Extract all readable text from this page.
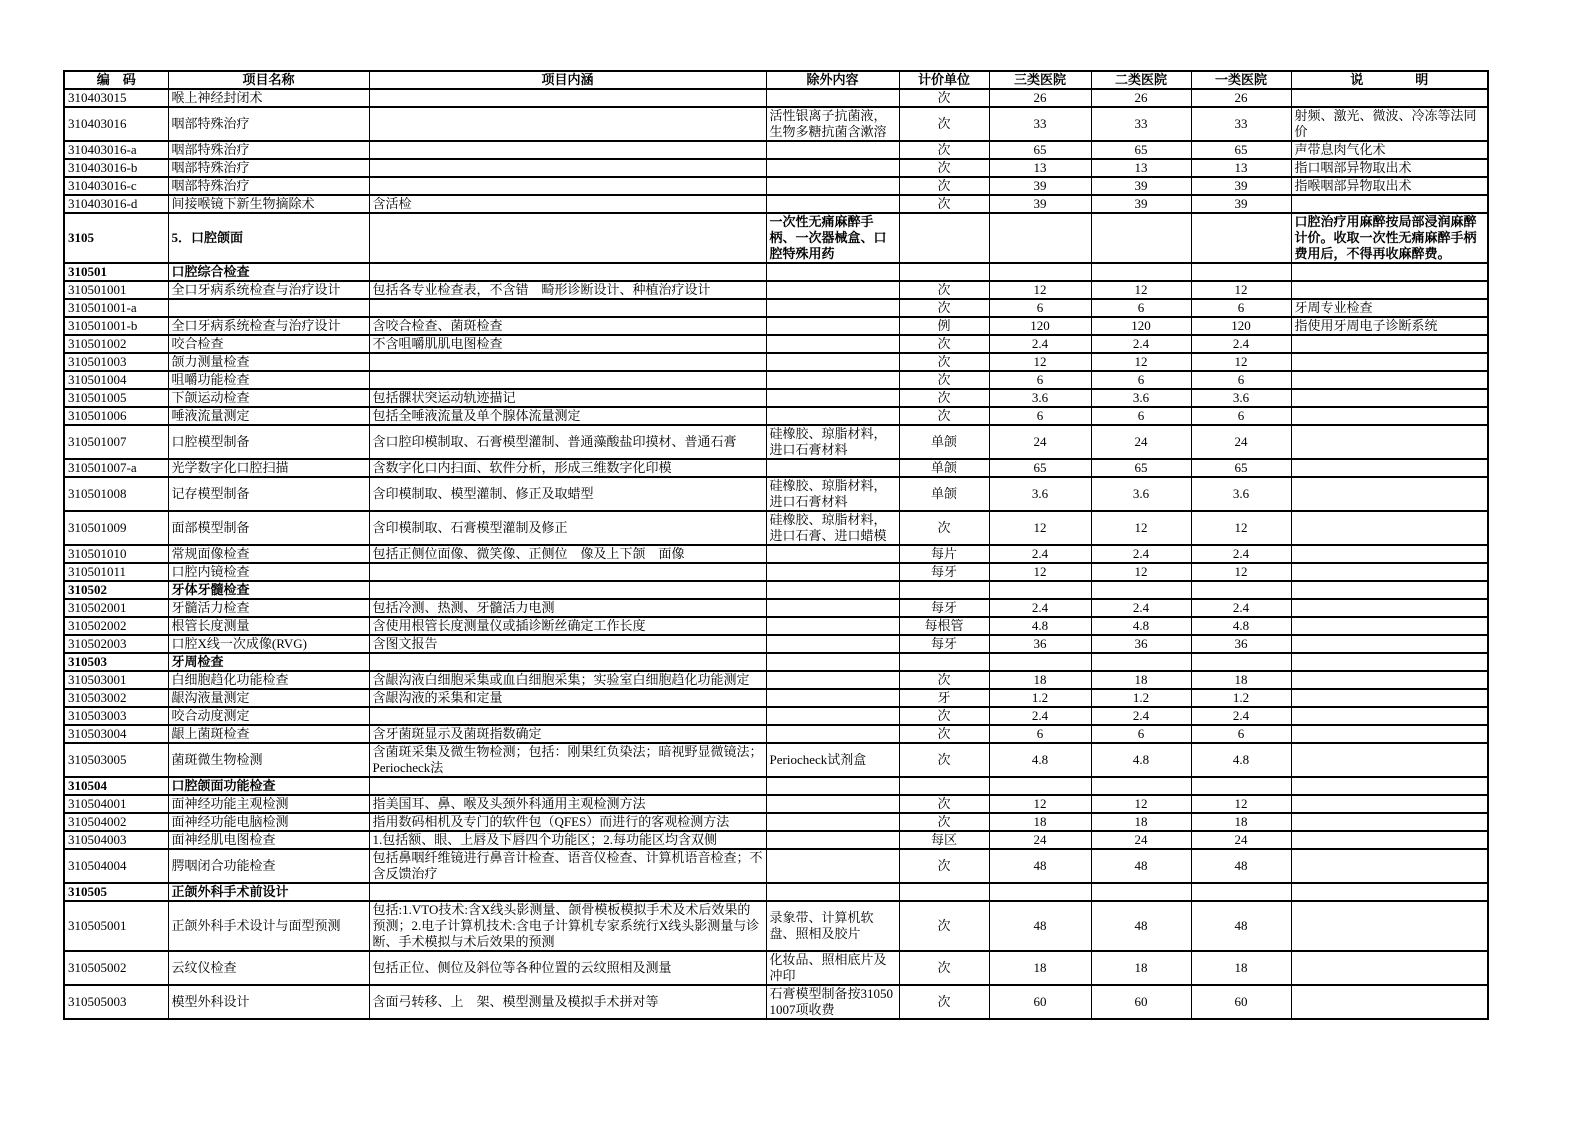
编　码	项目名称	项目内涵	除外内容	计价单位	三类医院	二类医院	一类医院	说　　　　明
310403015	喉上神经封闭术			次	26	26	26	
310403016	咽部特殊治疗		活性银离子抗菌液，生物多糖抗菌含漱溶	次	33	33	33	射频、激光、微波、冷冻等法同价
310403016-a	咽部特殊治疗			次	65	65	65	声带息肉气化术
310403016-b	咽部特殊治疗			次	13	13	13	指口咽部异物取出术
310403016-c	咽部特殊治疗			次	39	39	39	指喉咽部异物取出术
310403016-d	间接喉镜下新生物摘除术	含活检		次	39	39	39	
3105	5．口腔颌面		一次性无痛麻醉手柄、一次器械盒、口腔特殊用药					口腔治疗用麻醉按局部浸润麻醉计价。收取一次性无痛麻醉手柄费用后，不得再收麻醉费。
310501	口腔综合检查							
310501001	全口牙病系统检查与治疗设计	包括各专业检查表，不含错　畸形诊断设计、种植治疗设计		次	12	12	12	
310501001-a				次	6	6	6	牙周专业检查
310501001-b	全口牙病系统检查与治疗设计	含咬合检查、菌斑检查		例	120	120	120	指使用牙周电子诊断系统
310501002	咬合检查	不含咀嚼肌肌电图检查		次	2.4	2.4	2.4	
310501003	颌力测量检查			次	12	12	12	
310501004	咀嚼功能检查			次	6	6	6	
310501005	下颌运动检查	包括髁状突运动轨迹描记		次	3.6	3.6	3.6	
310501006	唾液流量测定	包括全唾液流量及单个腺体流量测定		次	6	6	6	
310501007	口腔模型制备	含口腔印模制取、石膏模型灌制、普通藻酸盐印摸材、普通石膏	硅橡胶、琼脂材料，进口石膏材料	单颌	24	24	24	
310501007-a	光学数字化口腔扫描	含数字化口内扫面、软件分析，形成三维数字化印模		单颌	65	65	65	
310501008	记存模型制备	含印模制取、模型灌制、修正及取蜡型	硅橡胶、琼脂材料，进口石膏材料	单颌	3.6	3.6	3.6	
310501009	面部模型制备	含印模制取、石膏模型灌制及修正	硅橡胶、琼脂材料，进口石膏、进口蜡模	次	12	12	12	
310501010	常规面像检查	包括正侧位面像、微笑像、正侧位　像及上下颌　面像		每片	2.4	2.4	2.4	
310501011	口腔内镜检查			每牙	12	12	12	
310502	牙体牙髓检查							
310502001	牙髓活力检查	包括冷测、热测、牙髓活力电测		每牙	2.4	2.4	2.4	
310502002	根管长度测量	含使用根管长度测量仪或插诊断丝确定工作长度		每根管	4.8	4.8	4.8	
310502003	口腔X线一次成像(RVG)	含图文报告		每牙	36	36	36	
310503	牙周检查							
310503001	白细胞趋化功能检查	含龈沟液白细胞采集或血白细胞采集；实验室白细胞趋化功能测定		次	18	18	18	
310503002	龈沟液量测定	含龈沟液的采集和定量		牙	1.2	1.2	1.2	
310503003	咬合动度测定			次	2.4	2.4	2.4	
310503004	龈上菌斑检查	含牙菌斑显示及菌斑指数确定		次	6	6	6	
310503005	菌斑微生物检测	含菌斑采集及微生物检测；包括：刚果红负染法；暗视野显微镜法；Periocheck法	Periocheck试剂盒	次	4.8	4.8	4.8	
310504	口腔颌面功能检查							
310504001	面神经功能主观检测	指美国耳、鼻、喉及头颈外科通用主观检测方法		次	12	12	12	
310504002	面神经功能电脑检测	指用数码相机及专门的软件包（QFES）而进行的客观检测方法		次	18	18	18	
310504003	面神经肌电图检查	1.包括额、眼、上唇及下唇四个功能区；2.每功能区均含双侧		每区	24	24	24	
310504004	腭咽闭合功能检查	包括鼻咽纤维镜进行鼻音计检查、语音仪检查、计算机语音检查；不含反馈治疗		次	48	48	48	
310505	正颌外科手术前设计							
310505001	正颌外科手术设计与面型预测	包括:1.VTO技术:含X线头影测量、颌骨模板模拟手术及术后效果的预测；2.电子计算机技术:含电子计算机专家系统行X线头影测量与诊断、手术模拟与术后效果的预测	录象带、计算机软盘、照相及胶片	次	48	48	48	
310505002	云纹仪检查	包括正位、侧位及斜位等各种位置的云纹照相及测量	化妆品、照相底片及冲印	次	18	18	18	
310505003	模型外科设计	含面弓转移、上　架、模型测量及模拟手术拼对等	石膏模型制备按310501007项收费	次	60	60	60	
